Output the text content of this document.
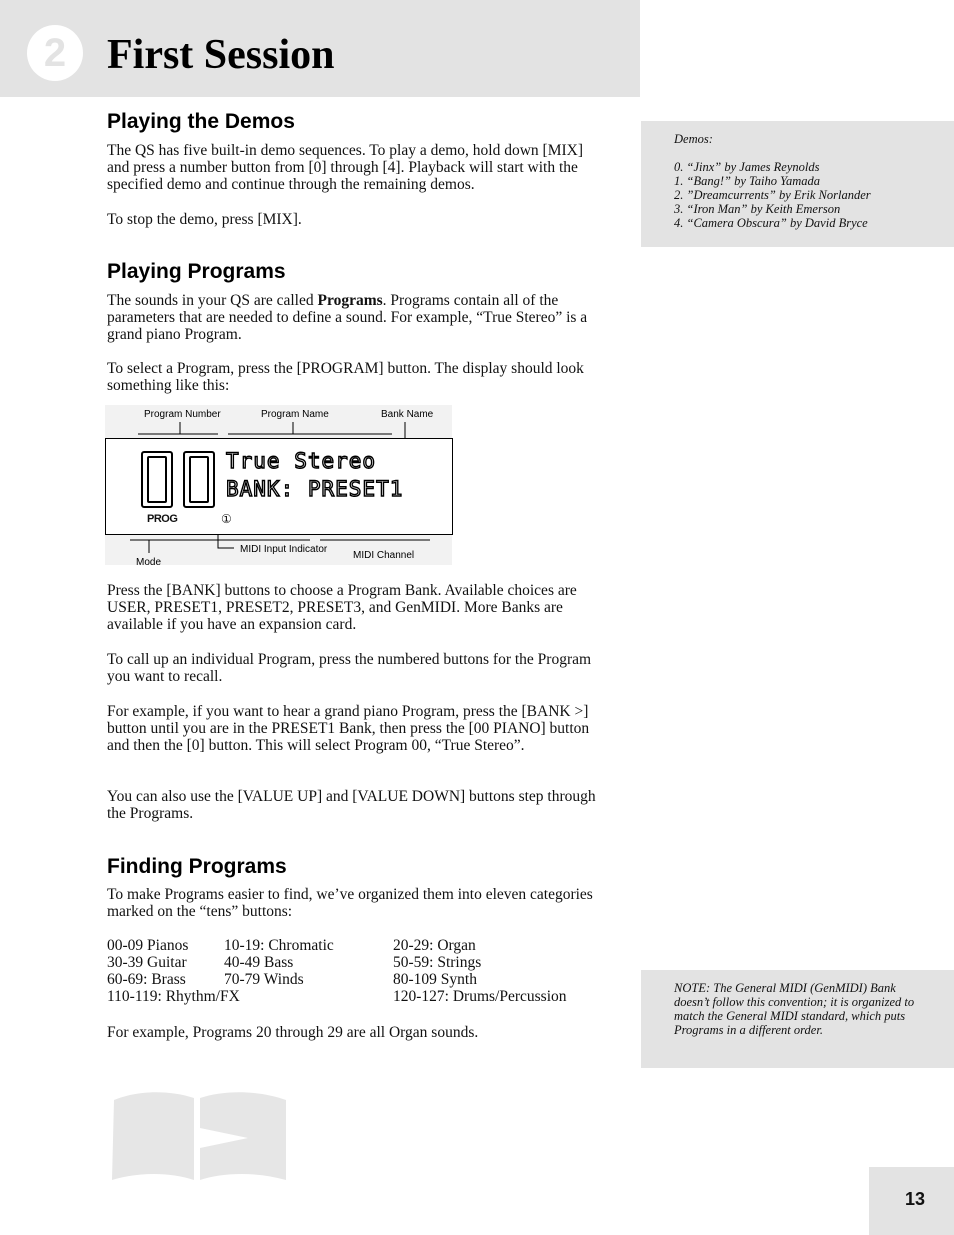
2 First Session
Playing the Demos

The QS has five built-in demo sequences. To play a demo, hold down [MIX] and press a number button from [0] through [4]. Playback will start with the specified demo and continue through the remaining demos.

To stop the demo, press [MIX].

Playing Programs

The sounds in your QS are called Programs. Programs contain all of the parameters that are needed to define a sound. For example, “True Stereo” is a grand piano Program.

To select a Program, press the [PROGRAM] button. The display should look something like this:

Program Number	Program Name	Bank Name
Mode
MIDI Input Indicator
MIDI Channel
True Stereo
BANK: PRESET1
PROG	①

Press the [BANK] buttons to choose a Program Bank. Available choices are USER, PRESET1, PRESET2, PRESET3, and GenMIDI. More Banks are available if you have an expansion card.

To call up an individual Program, press the numbered buttons for the Program you want to recall.

For example, if you want to hear a grand piano Program, press the [BANK >] button until you are in the PRESET1 Bank, then press the [00 PIANO] button and then the [0] button. This will select Program 00, “True Stereo”.

You can also use the [VALUE UP] and [VALUE DOWN] buttons step through the Programs.

Finding Programs

To make Programs easier to find, we’ve organized them into eleven categories marked on the “tens” buttons:

00-09 Pianos	10-19: Chromatic	20-29: Organ
30-39 Guitar	40-49 Bass	50-59: Strings
60-69: Brass	70-79 Winds	80-109 Synth
110-119: Rhythm/FX		120-127: Drums/Percussion

For example, Programs 20 through 29 are all Organ sounds.

Demos:

0. “Jinx” by James Reynolds
1. “Bang!” by Taiho Yamada
2. ”Dreamcurrents” by Erik Norlander
3. “Iron Man” by Keith Emerson
4. “Camera Obscura” by David Bryce

NOTE: The General MIDI (GenMIDI) Bank doesn’t follow this convention; it is organized to match the General MIDI standard, which puts Programs in a different order.

13
